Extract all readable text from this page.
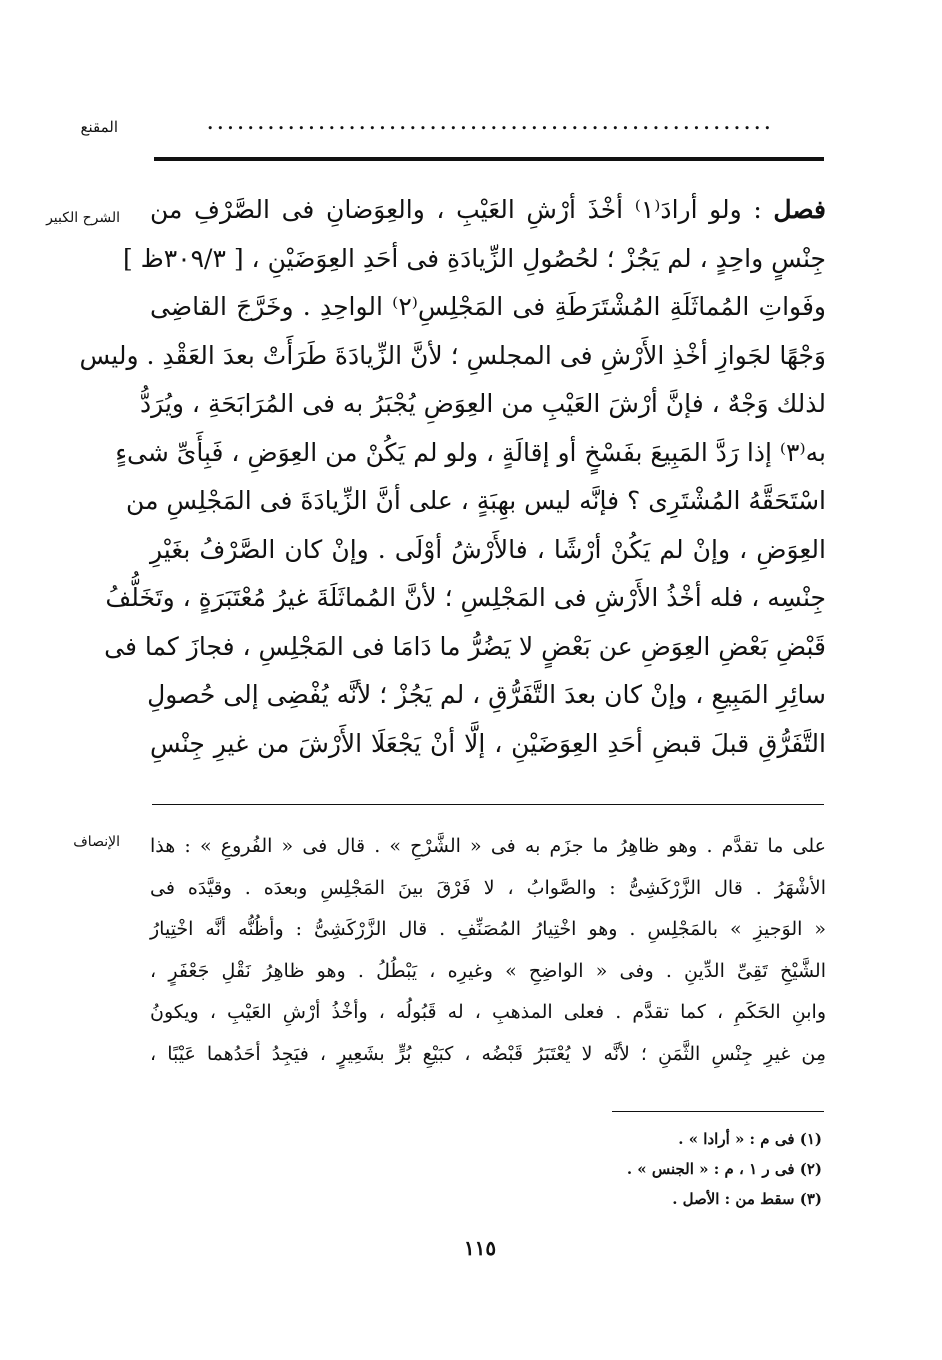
المقنع	........................................................
الشرح الكبير	فصل : ولو أرادَ⁽١⁾ أخْذَ أرْشِ العَيْبِ ، والعِوَضانِ فى الصَّرْفِ من
جِنْسٍ واحِدٍ ، لم يَجُزْ ؛ لحُصُولِ الزِّيادَةِ فى أحَدِ العِوَضَيْنِ ، [ ٣٠٩/٣ظ ]
وفَواتِ المُماثَلَةِ المُشْتَرَطَةِ فى المَجْلِسِ⁽٢⁾ الواحِدِ . وخَرَّجَ القاضِى
وَجْهًا لجَوازِ أخْذِ الأَرْشِ فى المجلسِ ؛ لأنَّ الزِّيادَةَ طَرَأَتْ بعدَ العَقْدِ . وليس
لذلك وَجْهٌ ، فإنَّ أرْشَ العَيْبِ من العِوَضِ يُجْبَرُ به فى المُرَابَحَةِ ، ويُرَدُّ
به⁽٣⁾ إذا رَدَّ المَبِيعَ بفَسْخٍ أو إقالَةٍ ، ولو لم يَكُنْ من العِوَضِ ، فَبِأَىِّ شىءٍ
اسْتَحَقَّهُ المُشْتَرِى ؟ فإنَّه ليس بهِبَةٍ ، على أنَّ الزِّيادَةَ فى المَجْلِسِ من
العِوَضِ ، وإنْ لم يَكُنْ أرْشًا ، فالأَرْشُ أوْلَى . وإنْ كان الصَّرْفُ بغَيْرِ
جِنْسِه ، فله أخْذُ الأَرْشِ فى المَجْلِسِ ؛ لأنَّ المُماثَلَةَ غيرُ مُعْتَبَرَةٍ ، وتَخَلُّفُ
قَبْضِ بَعْضِ العِوَضِ عن بَعْضٍ لا يَضُرُّ ما دَامَا فى المَجْلِسِ ، فجازَ كما فى
سائِرِ المَبِيعِ ، وإنْ كان بعدَ التَّفَرُّقِ ، لم يَجُزْ ؛ لأنَّه يُفْضِى إلى حُصولِ
التَّفَرُّقِ قبلَ قبضِ أحَدِ العِوَضَيْنِ ، إلَّا أنْ يَجْعَلَا الأَرْشَ من غيرِ جِنْسِ
الإنصاف على ما تقدَّم . وهو ظاهِرُ ما جزَم به فى « الشَّرْحِ » . قال فى « الفُروعِ » : هذا
الأشْهَرُ . قال الزَّرْكَشِىُّ : والصَّوابُ ، لا فَرْقَ بينَ المَجْلِسِ وبعدَه . وقيَّدَه فى
« الوَجيزِ » بالمَجْلِسِ . وهو اخْتِيارُ المُصَنِّفِ . قال الزَّرْكَشِىُّ : وأظُنُّه أنَّه اخْتِيارُ
الشَّيْخِ تَقِىِّ الدِّينِ . وفى « الواضِحِ » وغيرِه ، يَبْطُلُ . وهو ظاهِرُ نَقْلِ جَعْفَرٍ ،
وابنِ الحَكَمِ ، كما تقدَّم . فعلى المذهبِ ، له قَبُولُه ، وأخْذُ أرْشِ العَيْبِ ، ويكونُ
مِن غيرِ جِنْسِ الثَّمَنِ ؛ لأنَّه لا يُعْتَبَرُ قَبْضُه ، كبَيْعِ بُرٍّ بشَعِيرٍ ، فيَجِدُ أحَدُهما عَيْبًا ،
(١) فى م : « أرادا » .
(٢) فى ر ١ ، م : « الجنس » .
(٣) سقط من : الأصل .
١١٥
